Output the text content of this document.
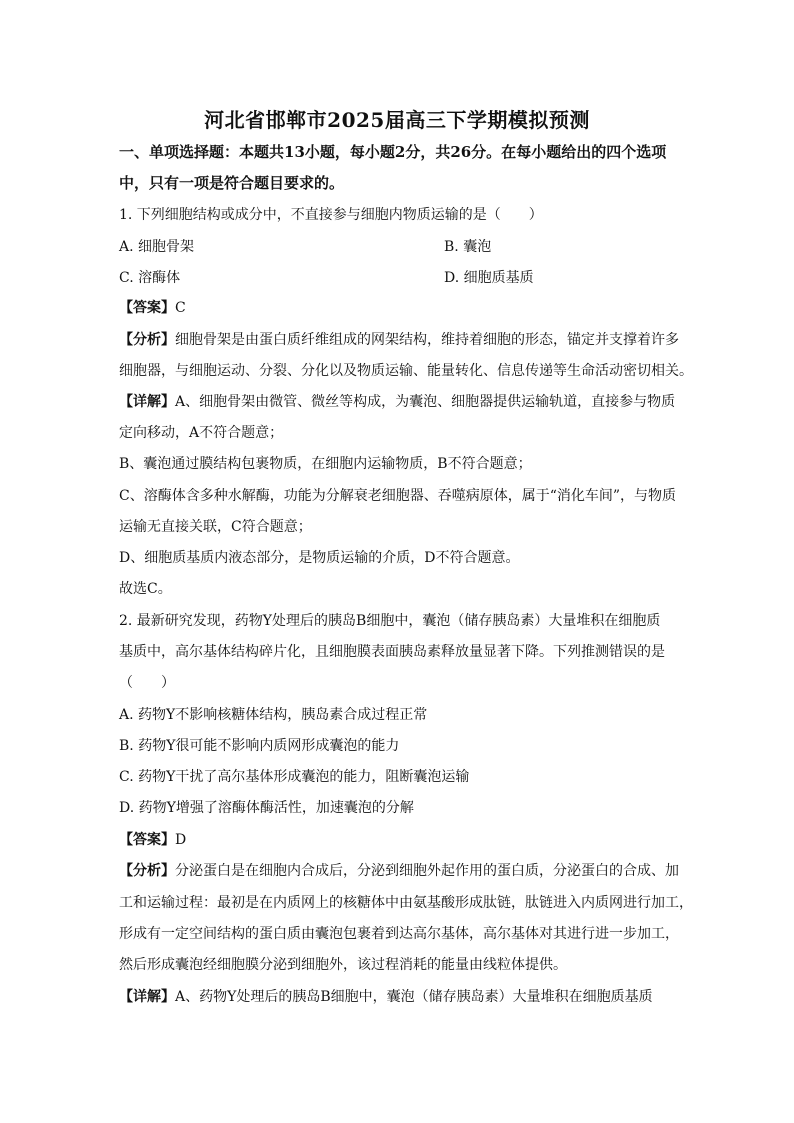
河北省邯郸市2025届高三下学期模拟预测
一、单项选择题：本题共13小题，每小题2分，共26分。在每小题给出的四个选项中，只有一项是符合题目要求的。
1. 下列细胞结构或成分中，不直接参与细胞内物质运输的是（　　）
A. 细胞骨架	B. 囊泡
C. 溶酶体	D. 细胞质基质
【答案】C
【分析】细胞骨架是由蛋白质纤维组成的网架结构，维持着细胞的形态，锚定并支撑着许多
细胞器，与细胞运动、分裂、分化以及物质运输、能量转化、信息传递等生命活动密切相关。
【详解】A、细胞骨架由微管、微丝等构成，为囊泡、细胞器提供运输轨道，直接参与物质
定向移动，A不符合题意；
B、囊泡通过膜结构包裹物质，在细胞内运输物质，B不符合题意；
C、溶酶体含多种水解酶，功能为分解衰老细胞器、吞噬病原体，属于“消化车间”，与物质
运输无直接关联，C符合题意；
D、细胞质基质内液态部分，是物质运输的介质，D不符合题意。
故选C。
2. 最新研究发现，药物Y处理后的胰岛B细胞中，囊泡（储存胰岛素）大量堆积在细胞质
基质中，高尔基体结构碎片化，且细胞膜表面胰岛素释放量显著下降。下列推测错误的是
（　　）
A. 药物Y不影响核糖体结构，胰岛素合成过程正常
B. 药物Y很可能不影响内质网形成囊泡的能力
C. 药物Y干扰了高尔基体形成囊泡的能力，阻断囊泡运输
D. 药物Y增强了溶酶体酶活性，加速囊泡的分解
【答案】D
【分析】分泌蛋白是在细胞内合成后，分泌到细胞外起作用的蛋白质，分泌蛋白的合成、加
工和运输过程：最初是在内质网上的核糖体中由氨基酸形成肽链，肽链进入内质网进行加工，
形成有一定空间结构的蛋白质由囊泡包裹着到达高尔基体，高尔基体对其进行进一步加工，
然后形成囊泡经细胞膜分泌到细胞外，该过程消耗的能量由线粒体提供。
【详解】A、药物Y处理后的胰岛B细胞中，囊泡（储存胰岛素）大量堆积在细胞质基质
